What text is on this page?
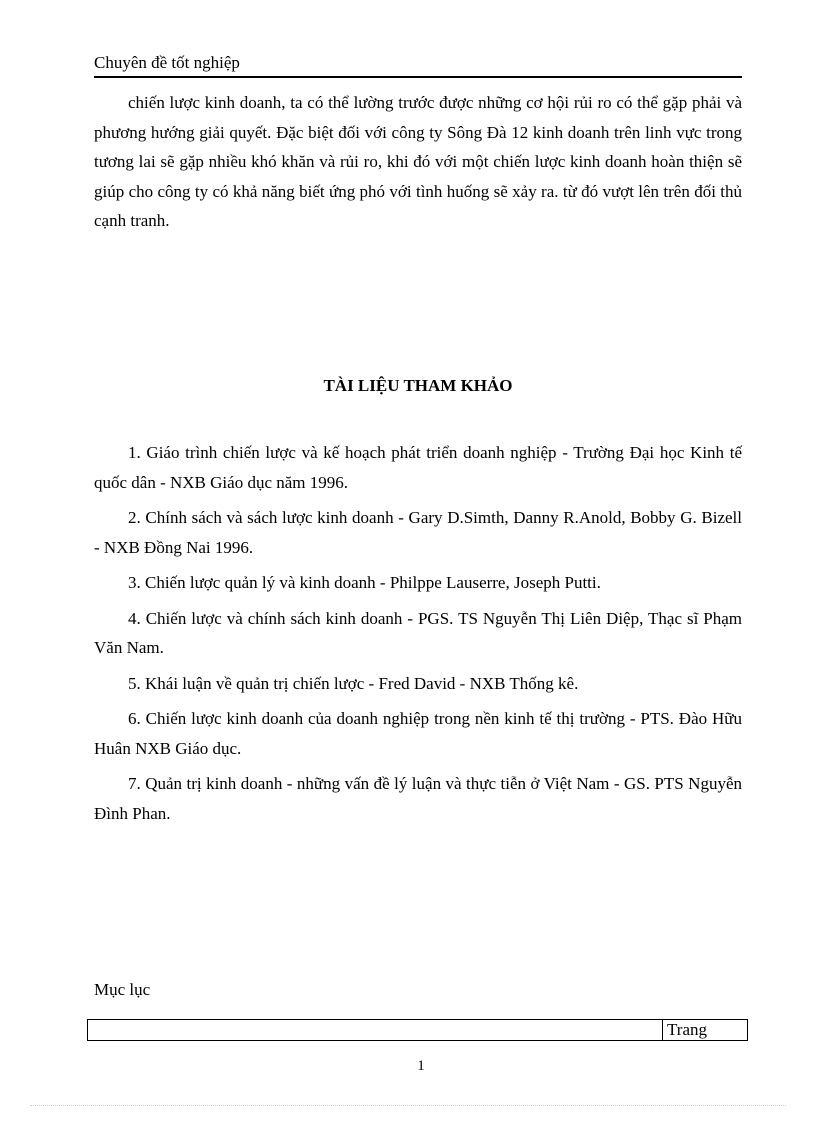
Chuyên đề tốt nghiệp

chiến lược kinh doanh, ta có thể lường trước được những cơ hội rủi ro có thể gặp phải và phương hướng giải quyết. Đặc biệt đối với công ty Sông Đà 12 kinh doanh trên linh vực trong tương lai sẽ gặp nhiều khó khăn và rủi ro, khi đó với một chiến lược kinh doanh hoàn thiện sẽ giúp cho công ty có khả năng biết ứng phó với tình huống sẽ xảy ra. từ đó vượt lên trên đối thủ cạnh tranh.

TÀI LIỆU THAM KHẢO
1. Giáo trình chiến lược và kế hoạch phát triển doanh nghiệp - Trường Đại học Kinh tế quốc dân - NXB Giáo dục năm 1996.
2. Chính sách và sách lược kinh doanh - Gary D.Simth, Danny R.Anold, Bobby G. Bizell - NXB Đồng Nai 1996.
3. Chiến lược quản lý và kinh doanh - Philppe Lauserre, Joseph Putti.
4. Chiến lược và chính sách kinh doanh - PGS. TS Nguyễn Thị Liên Diệp, Thạc sĩ Phạm Văn Nam.
5. Khái luận về quản trị chiến lược - Fred David - NXB Thống kê.
6. Chiến lược kinh doanh của doanh nghiệp trong nền kinh tế thị trường - PTS. Đào Hữu Huân NXB Giáo dục.
7. Quản trị kinh doanh - những vấn đề lý luận và thực tiễn ở Việt Nam - GS. PTS Nguyễn Đình Phan.
Mục lục
	Trang
1
